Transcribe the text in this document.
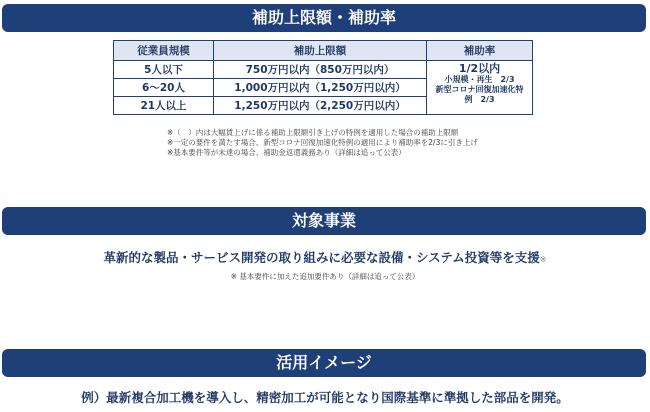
補助上限額・補助率
従業員規模	補助上限額	補助率
5人以下	750万円以内（850万円以内）	1/2以内
小規模・再生　2/3
新型コロナ回復加速化特
例　2/3

6～20人	1,000万円以内（1,250万円以内）	
21人以上	1,250万円以内（2,250万円以内）	
※（　）内は大幅賃上げに係る補助上限額引き上げの特例を適用した場合の補助上限額
※一定の要件を満たす場合、新型コロナ回復加速化特例の適用により補助率を2/3に引き上げ
※基本要件等が未達の場合、補助金返還義務あり（詳細は追って公表）
対象事業
革新的な製品・サービス開発の取り組みに必要な設備・システム投資等を支援※
※ 基本要件に加えた追加要件あり（詳細は追って公表）
活用イメージ
例）最新複合加工機を導入し、精密加工が可能となり国際基準に準拠した部品を開発。
